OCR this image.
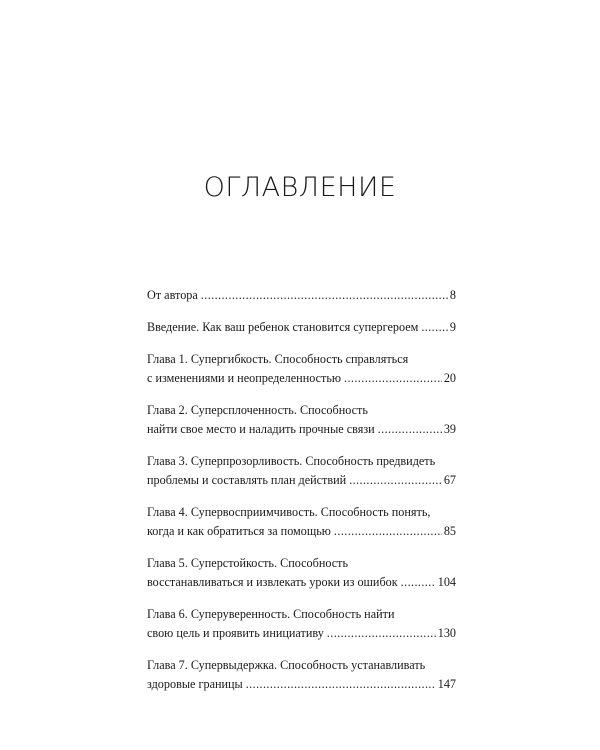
ОГЛАВЛЕНИЕ
От автора .....	8
Введение. Как ваш ребенок становится супергероем .....	9
Глава 1. Супергибкость. Способность справляться
с изменениями и неопределенностью .....	20
Глава 2. Суперсплоченность. Способность
найти свое место и наладить прочные связи .....	39
Глава 3. Суперпрозорливость. Способность предвидеть
проблемы и составлять план действий .....	67
Глава 4. Супервосприимчивость. Способность понять,
когда и как обратиться за помощью .....	85
Глава 5. Суперстойкость. Способность
восстанавливаться и извлекать уроки из ошибок .....	104
Глава 6. Суперуверенность. Способность найти
свою цель и проявить инициативу .....	130
Глава 7. Супервыдержка. Способность устанавливать
здоровые границы .....	147
